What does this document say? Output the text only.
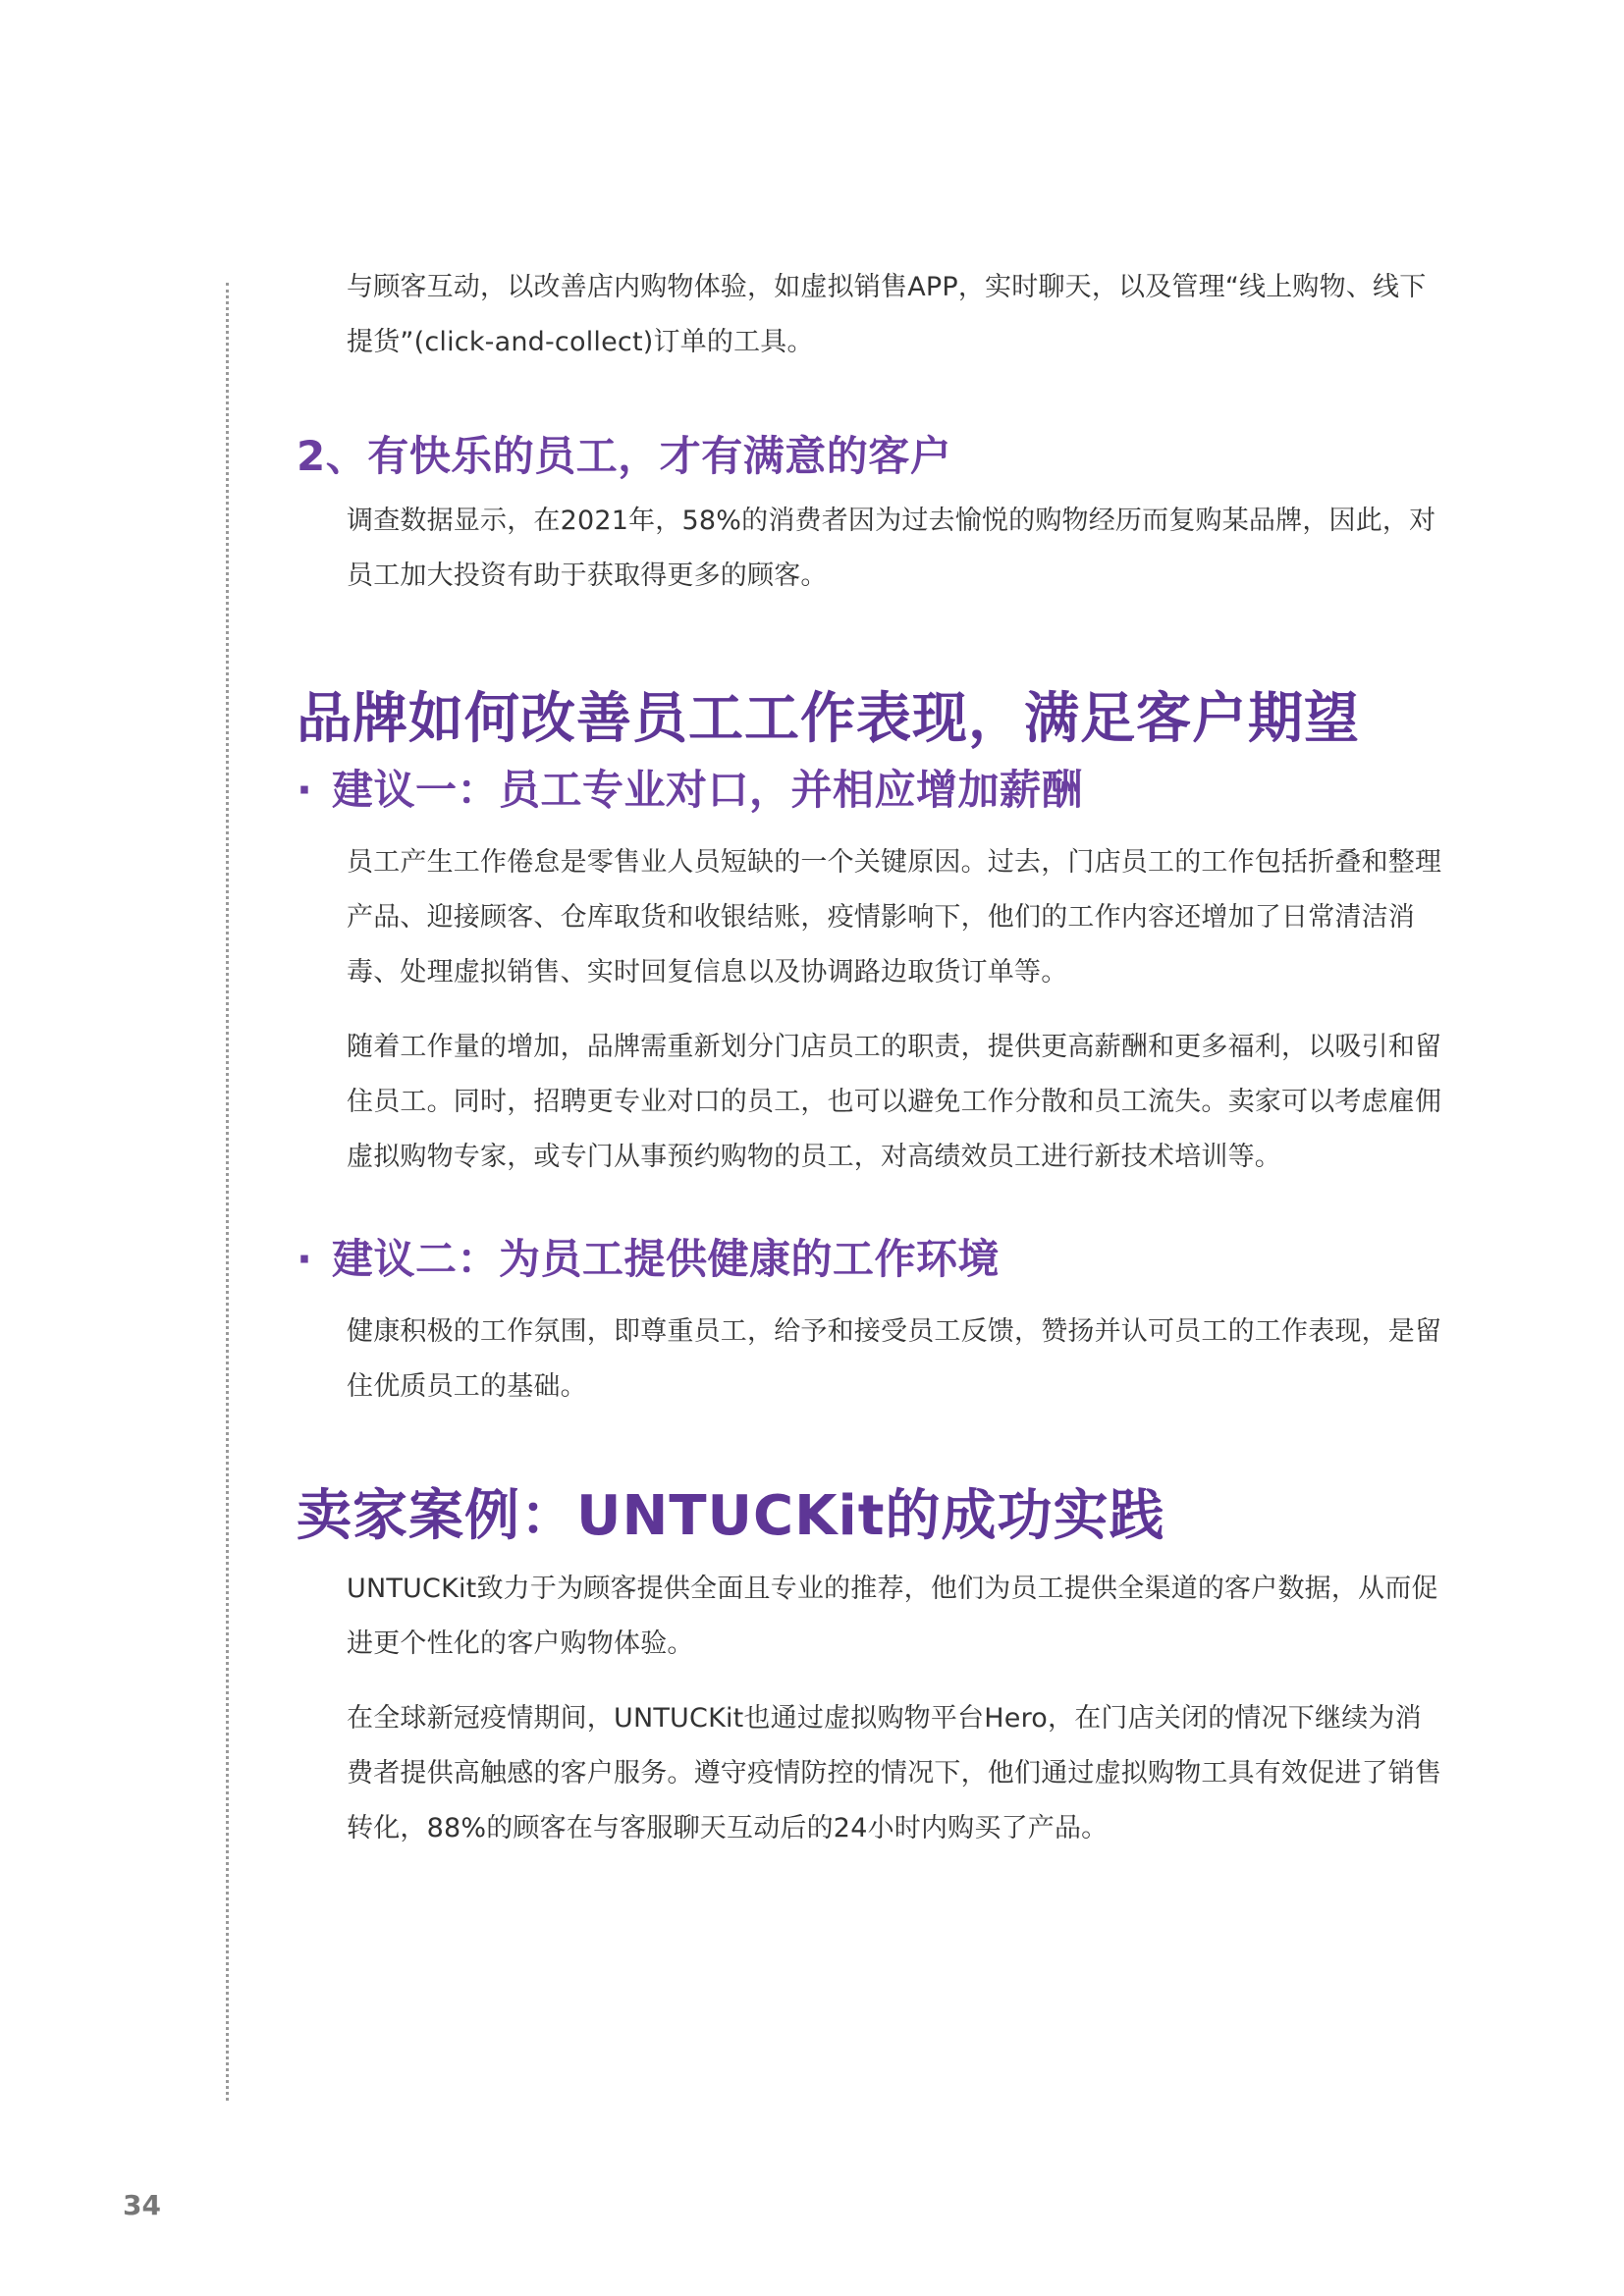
与顾客互动，以改善店内购物体验，如虚拟销售APP，实时聊天，以及管理“线上购物、线下提货”(click-and-collect)订单的工具。

2、有快乐的员工，才有满意的客户

调查数据显示，在2021年，58%的消费者因为过去愉悦的购物经历而复购某品牌，因此，对员工加大投资有助于获取得更多的顾客。

品牌如何改善员工工作表现，满足客户期望
· 建议一：员工专业对口，并相应增加薪酬

员工产生工作倦怠是零售业人员短缺的一个关键原因。过去，门店员工的工作包括折叠和整理产品、迎接顾客、仓库取货和收银结账，疫情影响下，他们的工作内容还增加了日常清洁消毒、处理虚拟销售、实时回复信息以及协调路边取货订单等。

随着工作量的增加，品牌需重新划分门店员工的职责，提供更高薪酬和更多福利，以吸引和留住员工。同时，招聘更专业对口的员工，也可以避免工作分散和员工流失。卖家可以考虑雇佣虚拟购物专家，或专门从事预约购物的员工，对高绩效员工进行新技术培训等。

· 建议二：为员工提供健康的工作环境

健康积极的工作氛围，即尊重员工，给予和接受员工反馈，赞扬并认可员工的工作表现，是留住优质员工的基础。

卖家案例：UNTUCKit的成功实践

UNTUCKit致力于为顾客提供全面且专业的推荐，他们为员工提供全渠道的客户数据，从而促进更个性化的客户购物体验。

在全球新冠疫情期间，UNTUCKit也通过虚拟购物平台Hero，在门店关闭的情况下继续为消费者提供高触感的客户服务。遵守疫情防控的情况下，他们通过虚拟购物工具有效促进了销售转化，88%的顾客在与客服聊天互动后的24小时内购买了产品。

34
